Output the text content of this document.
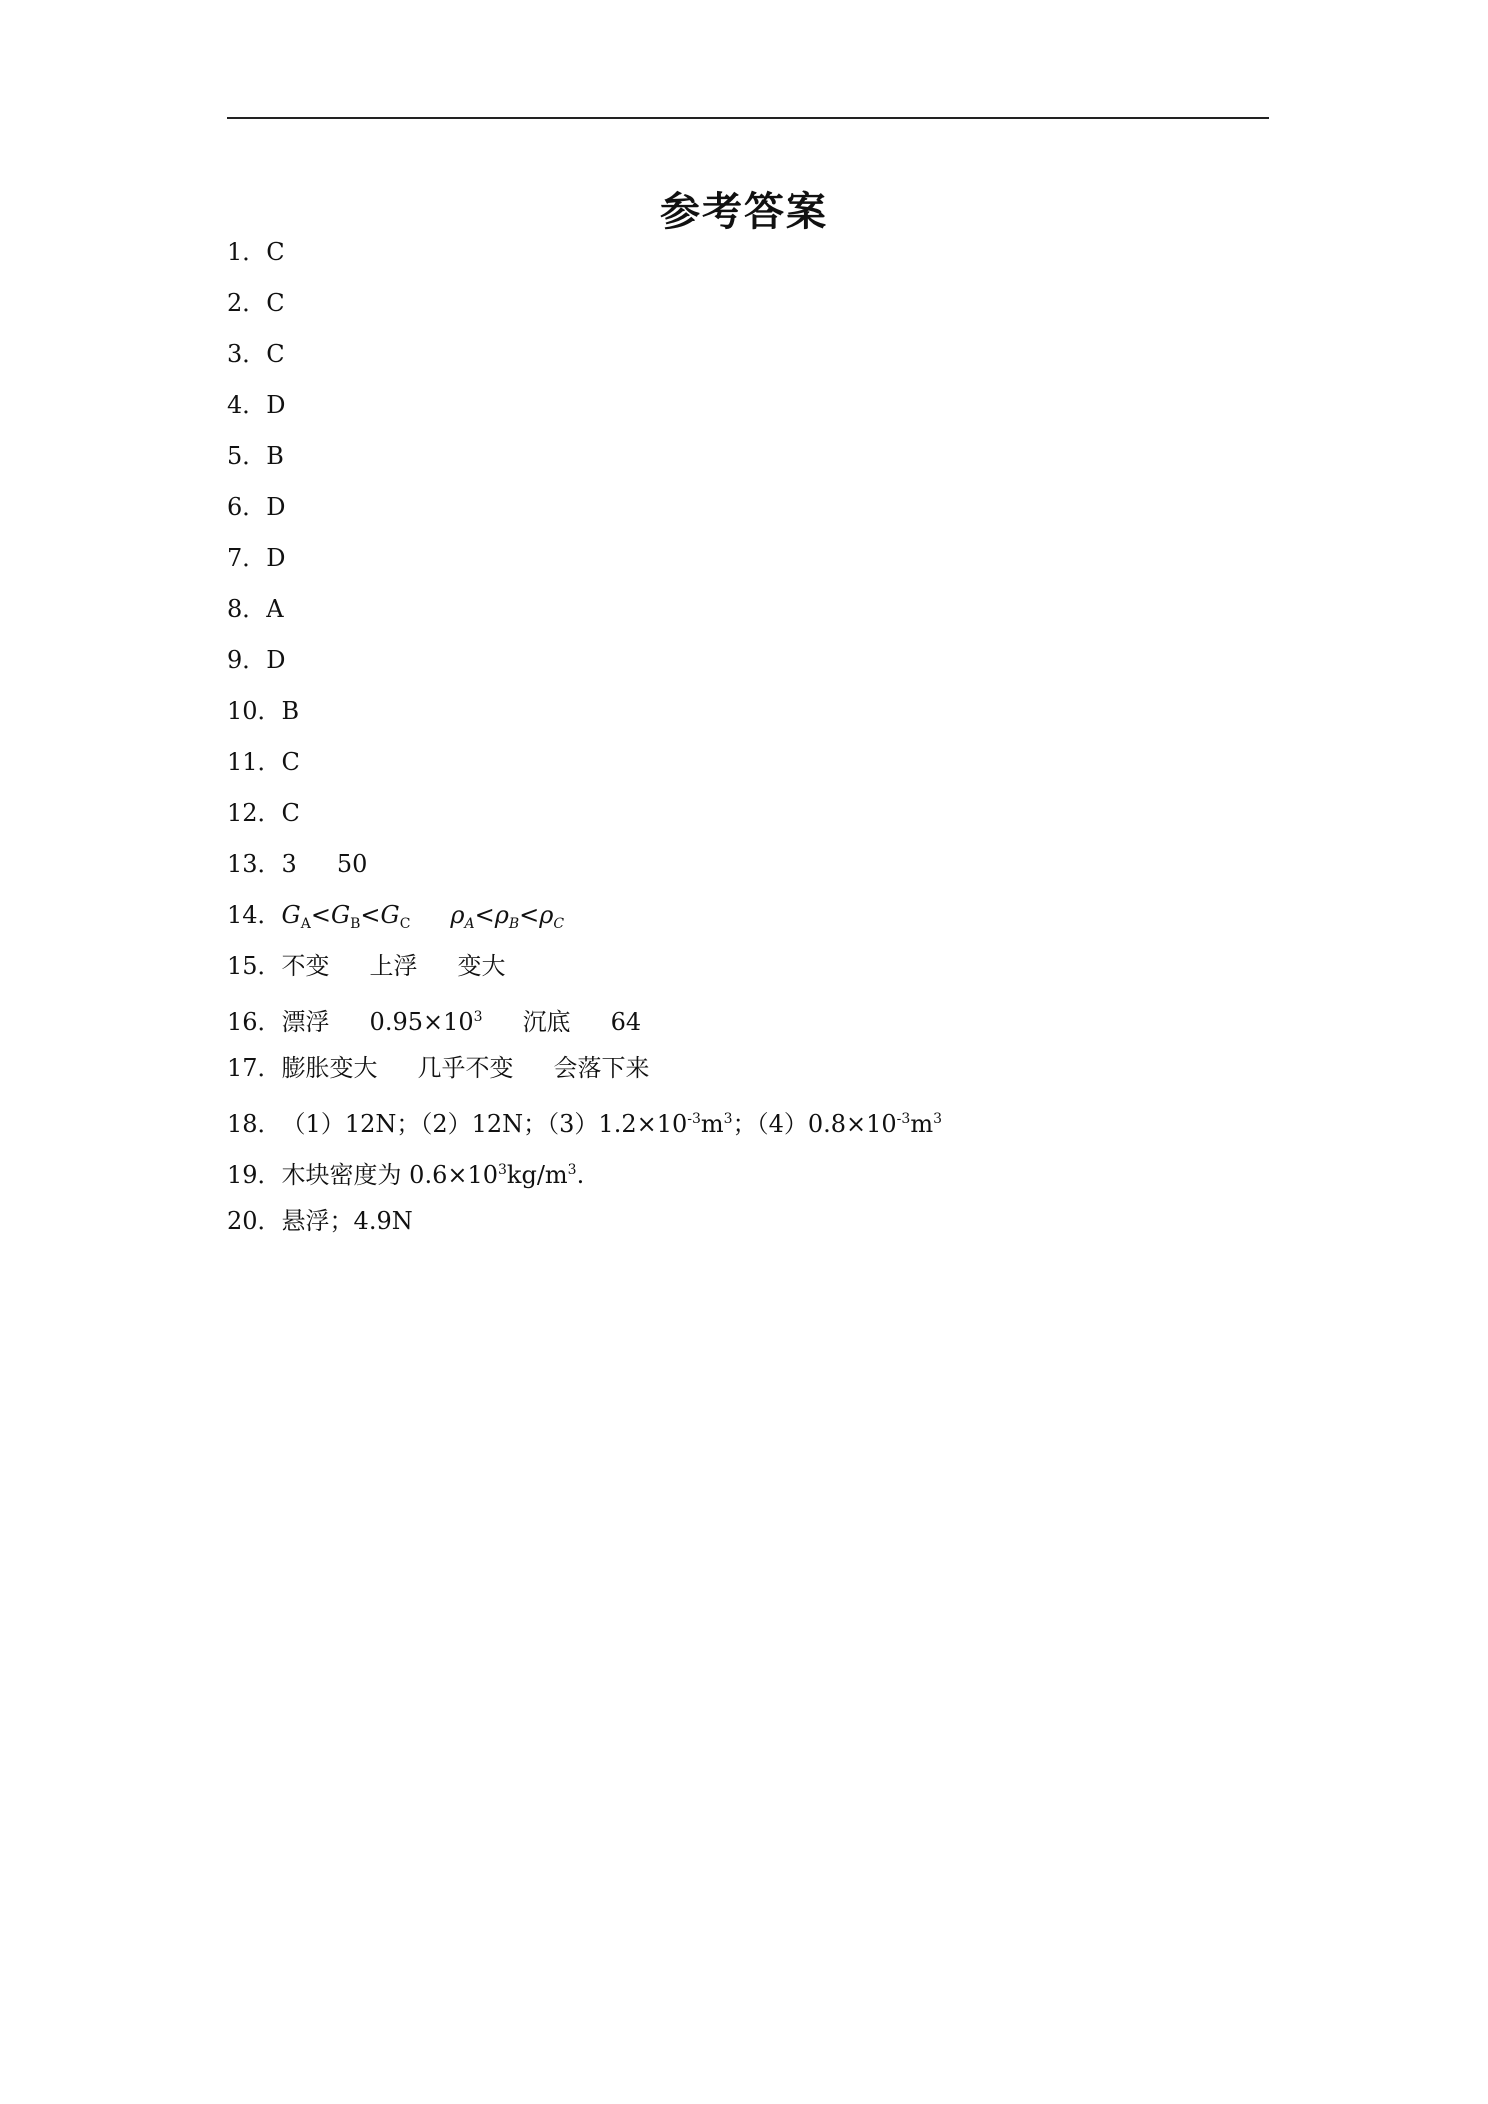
参考答案
1 ． C
2 ． C
3 ． C
4 ． D
5 ． B
6 ． D
7 ． D
8 ． A
9 ． D
10 ． B
11 ． C
12 ． C
13 ． 3 50
14 ． $G_A<G_B<G_C$ $\rho_A<\rho_B<\rho_C$
15 ． 不变 上浮 变大
16 ． 漂浮 $0.95\times 10^3$ 沉底 64
17 ． 膨胀变大 几乎不变 会落下来
18 ． （1）12N；（2）12N；$(3)1.2\times 10^{-3}m^3$；$(4)0.8\times 10^{-3}m^3$
19 ． 木块密度为 $0.6\times 10^3kg/m^3$.
20 ． 悬浮；4.9N
